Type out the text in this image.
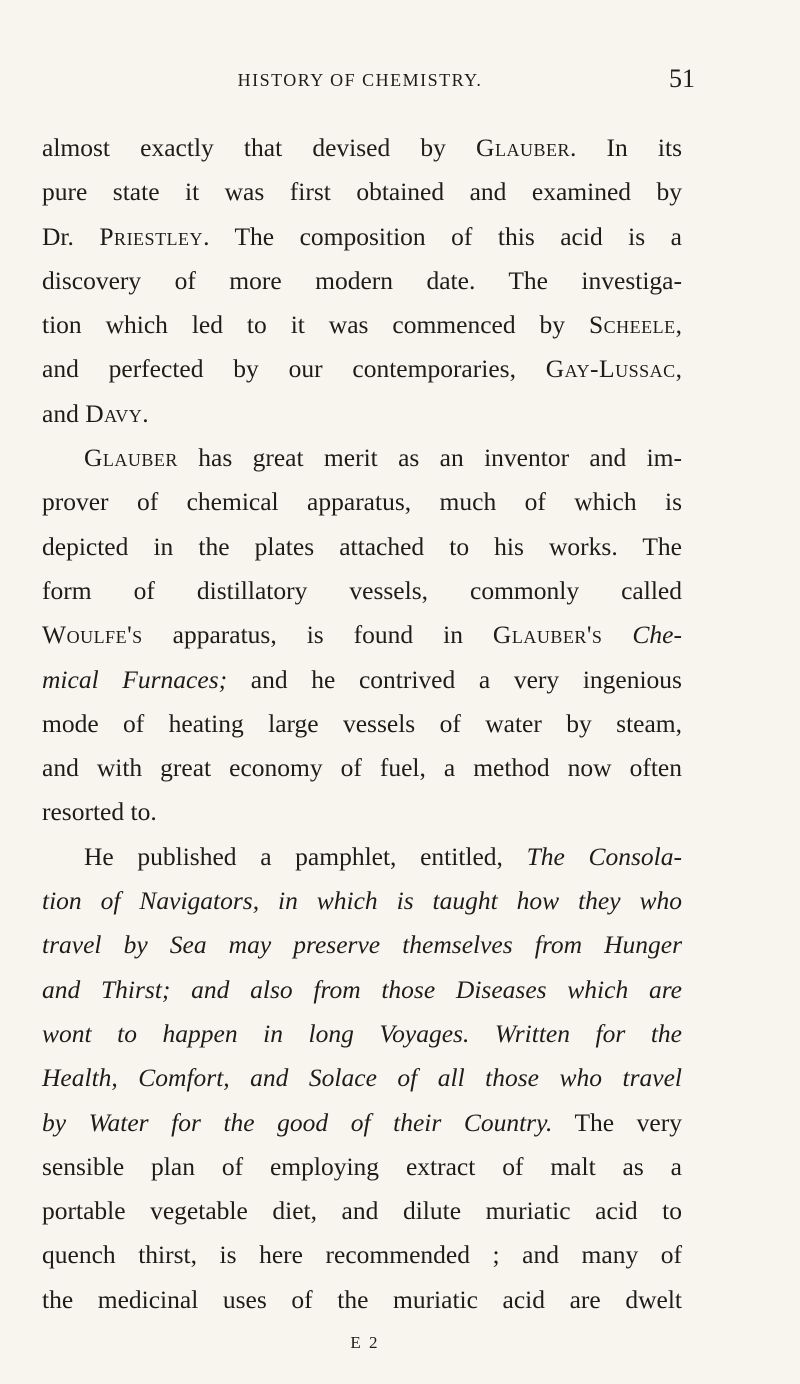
HISTORY OF CHEMISTRY.	51
almost exactly that devised by Glauber. In its
pure state it was first obtained and examined by
Dr. Priestley. The composition of this acid is a
discovery of more modern date. The investiga-
tion which led to it was commenced by Scheele,
and perfected by our contemporaries, Gay-Lussac,
and Davy.
Glauber has great merit as an inventor and im-
prover of chemical apparatus, much of which is
depicted in the plates attached to his works. The
form of distillatory vessels, commonly called
Woulfe's apparatus, is found in Glauber's Che-
mical Furnaces; and he contrived a very ingenious
mode of heating large vessels of water by steam,
and with great economy of fuel, a method now often
resorted to.
He published a pamphlet, entitled, The Consola-
tion of Navigators, in which is taught how they who
travel by Sea may preserve themselves from Hunger
and Thirst; and also from those Diseases which are
wont to happen in long Voyages. Written for the
Health, Comfort, and Solace of all those who travel
by Water for the good of their Country. The very
sensible plan of employing extract of malt as a
portable vegetable diet, and dilute muriatic acid to
quench thirst, is here recommended ; and many of
the medicinal uses of the muriatic acid are dwelt
E 2
